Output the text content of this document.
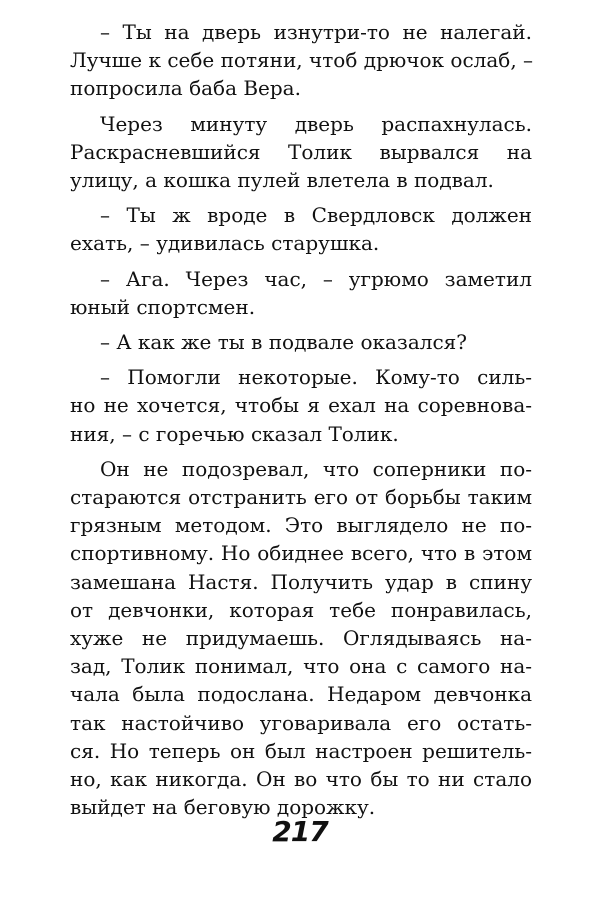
– Ты на дверь изнутри-то не налегай.
Лучше к себе потяни, чтоб дрючок ослаб, –
попросила баба Вера.
Через минуту дверь распахнулась.
Раскрасневшийся Толик вырвался на
улицу, а кошка пулей влетела в подвал.
– Ты ж вроде в Свердловск должен
ехать, – удивилась старушка.
– Ага. Через час, – угрюмо заметил
юный спортсмен.
– А как же ты в подвале оказался?
– Помогли некоторые. Кому-то силь-
но не хочется, чтобы я ехал на соревнова-
ния, – с горечью сказал Толик.
Он не подозревал, что соперники по-
стараются отстранить его от борьбы таким
грязным методом. Это выглядело не по-
спортивному. Но обиднее всего, что в этом
замешана Настя. Получить удар в спину
от девчонки, которая тебе понравилась,
хуже не придумаешь. Оглядываясь на-
зад, Толик понимал, что она с самого на-
чала была подослана. Недаром девчонка
так настойчиво уговаривала его остать-
ся. Но теперь он был настроен решитель-
но, как никогда. Он во что бы то ни стало
выйдет на беговую дорожку.
217
